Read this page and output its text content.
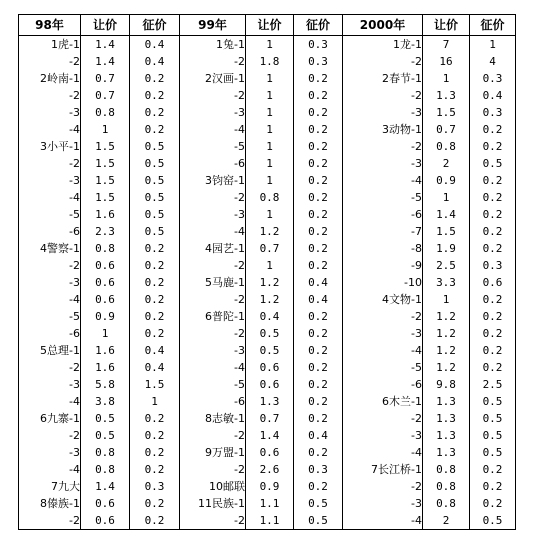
98年	让价	征价	99年	让价	征价	2000年	让价	征价
1虎-1	1.4	0.4	1兔-1	1	0.3	1龙-1	7	1
-2	1.4	0.4	-2	1.8	0.3	-2	16	4
2岭南-1	0.7	0.2	2汉画-1	1	0.2	2春节-1	1	0.3
-2	0.7	0.2	-2	1	0.2	-2	1.3	0.4
-3	0.8	0.2	-3	1	0.2	-3	1.5	0.3
-4	1	0.2	-4	1	0.2	3动物-1	0.7	0.2
3小平-1	1.5	0.5	-5	1	0.2	-2	0.8	0.2
-2	1.5	0.5	-6	1	0.2	-3	2	0.5
-3	1.5	0.5	3钧窑-1	1	0.2	-4	0.9	0.2
-4	1.5	0.5	-2	0.8	0.2	-5	1	0.2
-5	1.6	0.5	-3	1	0.2	-6	1.4	0.2
-6	2.3	0.5	-4	1.2	0.2	-7	1.5	0.2
4警察-1	0.8	0.2	4园艺-1	0.7	0.2	-8	1.9	0.2
-2	0.6	0.2	-2	1	0.2	-9	2.5	0.3
-3	0.6	0.2	5马鹿-1	1.2	0.4	-10	3.3	0.6
-4	0.6	0.2	-2	1.2	0.4	4文物-1	1	0.2
-5	0.9	0.2	6普陀-1	0.4	0.2	-2	1.2	0.2
-6	1	0.2	-2	0.5	0.2	-3	1.2	0.2
5总理-1	1.6	0.4	-3	0.5	0.2	-4	1.2	0.2
-2	1.6	0.4	-4	0.6	0.2	-5	1.2	0.2
-3	5.8	1.5	-5	0.6	0.2	-6	9.8	2.5
-4	3.8	1	-6	1.3	0.2	6木兰-1	1.3	0.5
6九寨-1	0.5	0.2	8志敏-1	0.7	0.2	-2	1.3	0.5
-2	0.5	0.2	-2	1.4	0.4	-3	1.3	0.5
-3	0.8	0.2	9万盟-1	0.6	0.2	-4	1.3	0.5
-4	0.8	0.2	-2	2.6	0.3	7长江桥-1	0.8	0.2
7九大	1.4	0.3	10邮联	0.9	0.2	-2	0.8	0.2
8傣族-1	0.6	0.2	11民族-1	1.1	0.5	-3	0.8	0.2
-2	0.6	0.2	-2	1.1	0.5	-4	2	0.5
